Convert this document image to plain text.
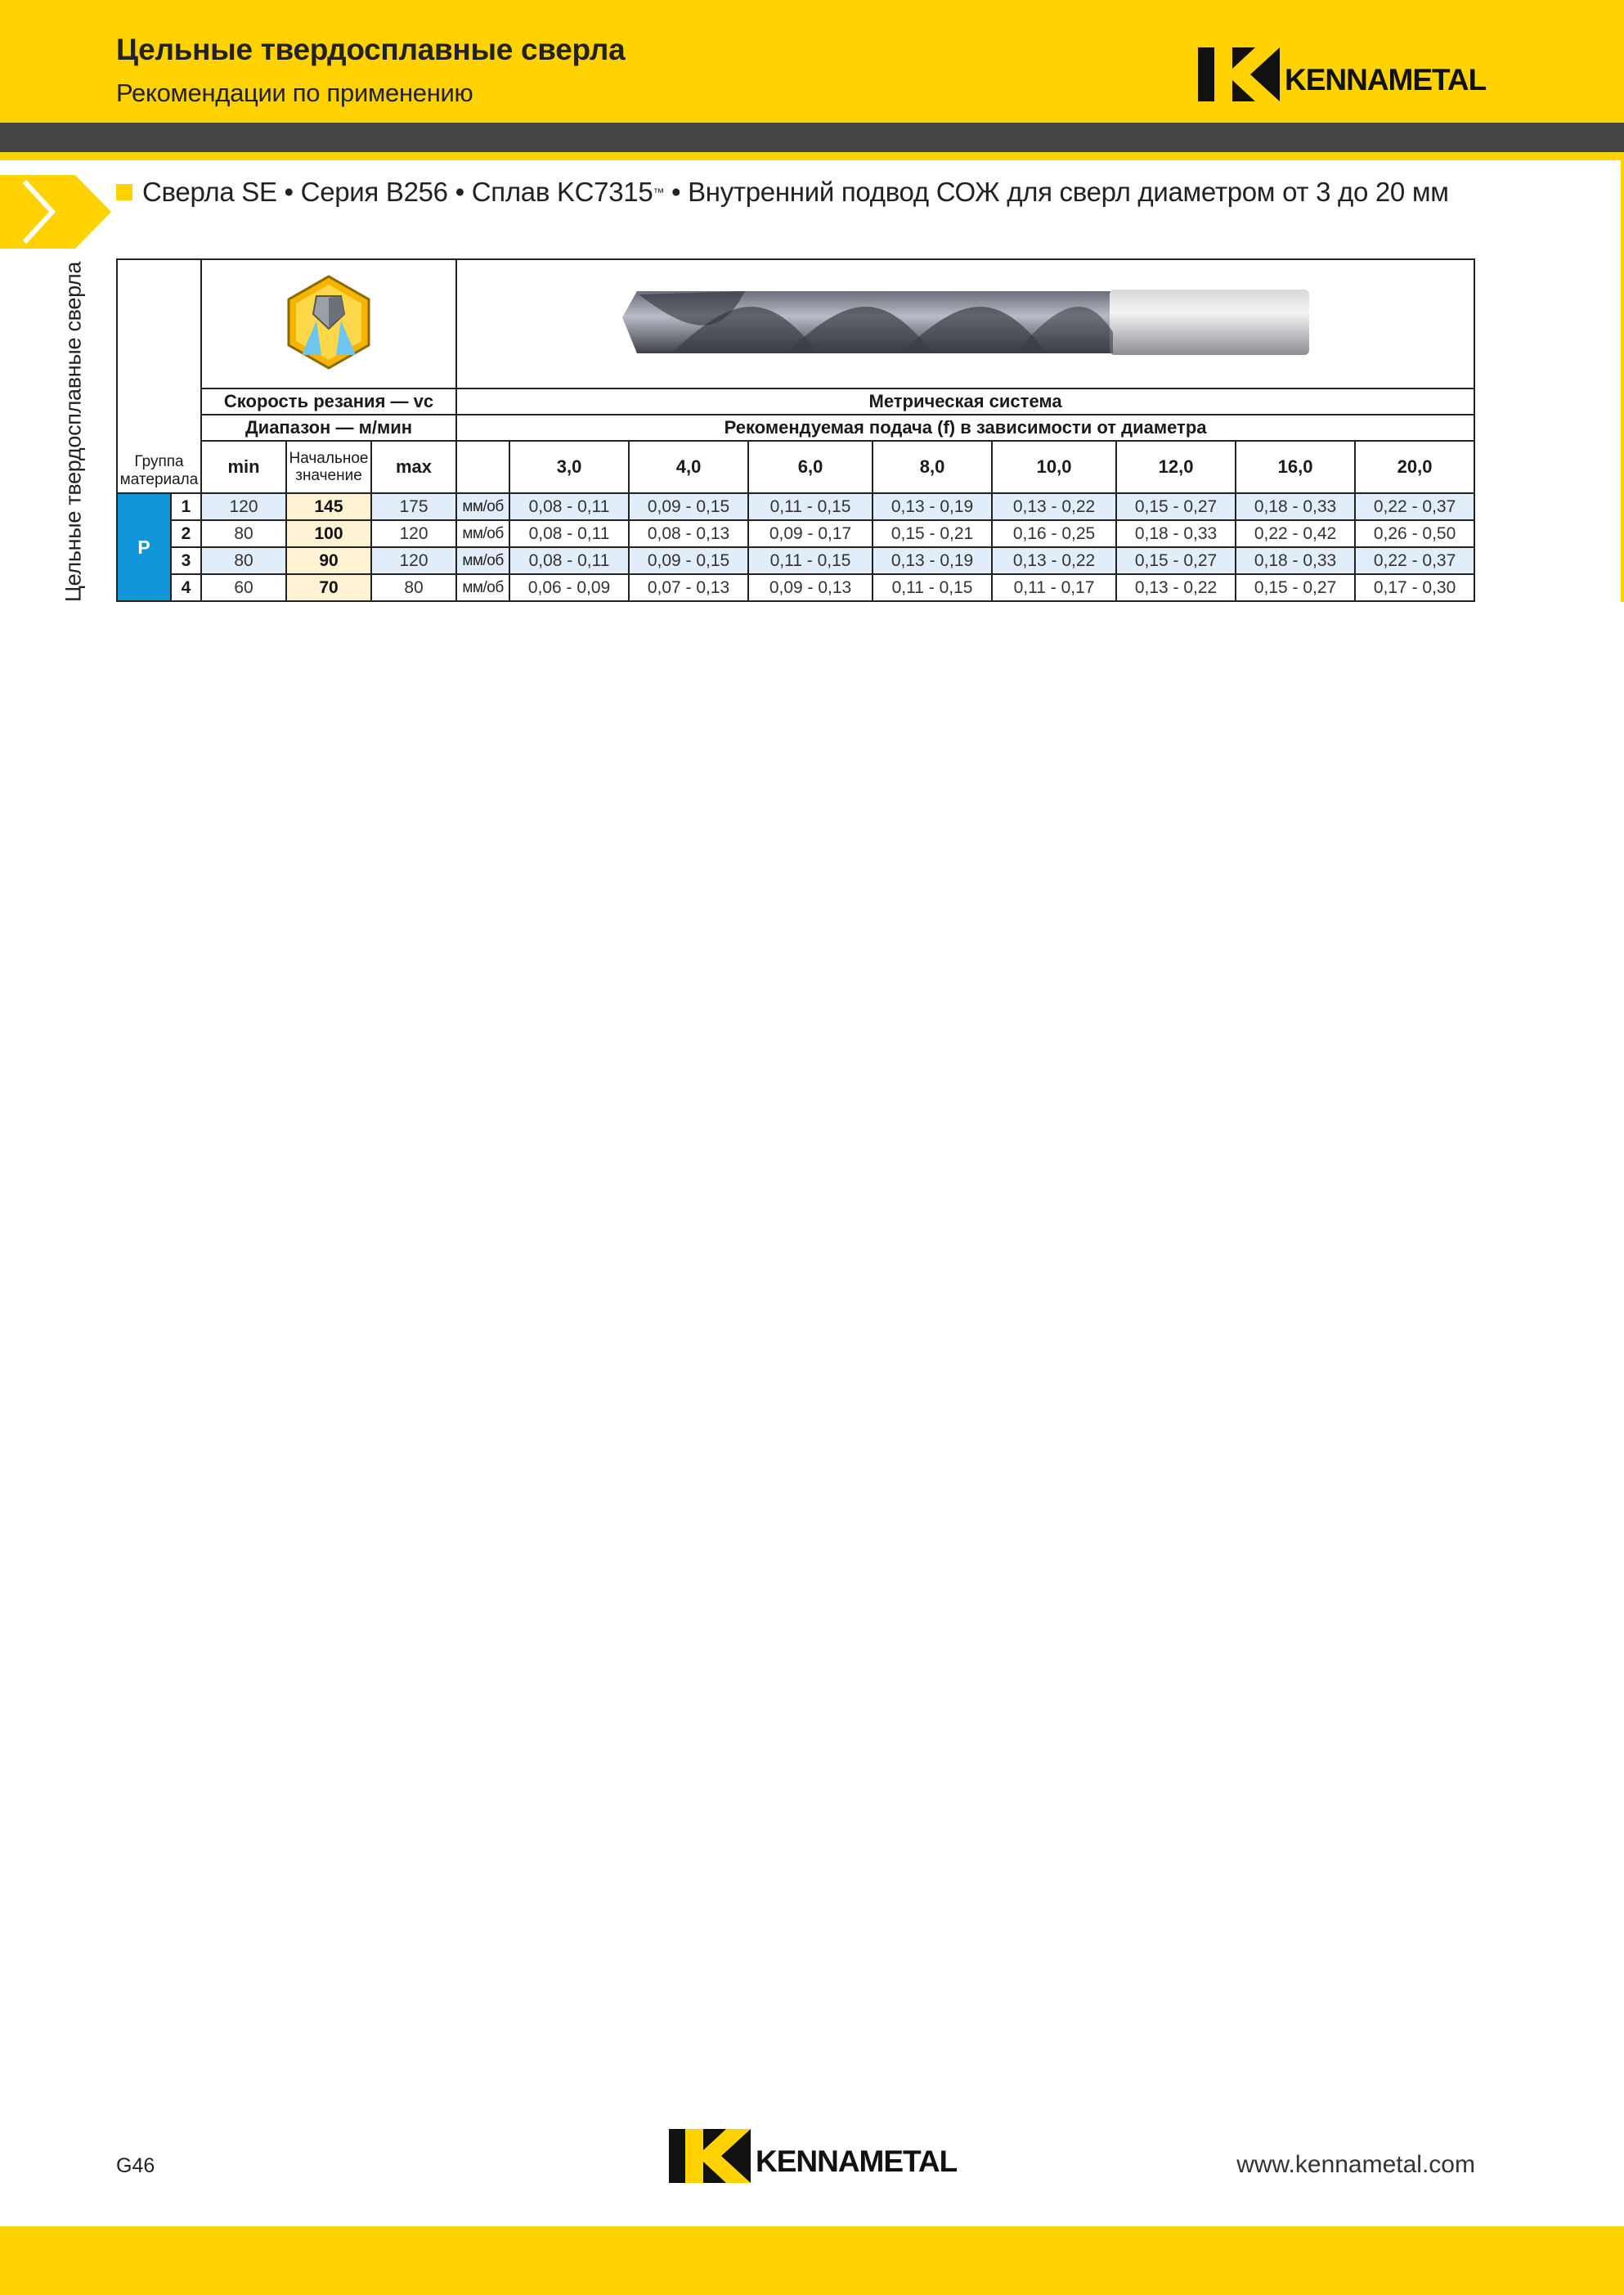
Цельные твердосплавные сверла
Рекомендации по применению	KENNAMETAL
Сверла SE • Серия B256 • Сплав KC7315 ™ • Внутренний подвод СОЖ для сверл диаметром от 3 до 20 мм
Цельные твердосплавные сверла	Группа
материала

		Скорость резания — vc			Метрическая система								
		Диапазон — м/мин			Рекомендуемая подача (f) в зависимости от диаметра								
		min	Начальное
значение	max		3,0	4,0	6,0	8,0	10,0	12,0	16,0	20,0
P	1	120	145	175	мм/об	0,08 - 0,11	0,09 - 0,15	0,11 - 0,15	0,13 - 0,19	0,13 - 0,22	0,15 - 0,27	0,18 - 0,33	0,22 - 0,37
	2	80	100	120	мм/об	0,08 - 0,11	0,08 - 0,13	0,09 - 0,17	0,15 - 0,21	0,16 - 0,25	0,18 - 0,33	0,22 - 0,42	0,26 - 0,50
	3	80	90	120	мм/об	0,08 - 0,11	0,09 - 0,15	0,11 - 0,15	0,13 - 0,19	0,13 - 0,22	0,15 - 0,27	0,18 - 0,33	0,22 - 0,37
	4	60	70	80	мм/об	0,06 - 0,09	0,07 - 0,13	0,09 - 0,13	0,11 - 0,15	0,11 - 0,17	0,13 - 0,22	0,15 - 0,27	0,17 - 0,30
G46	KENNAMETAL	www.kennametal.com
